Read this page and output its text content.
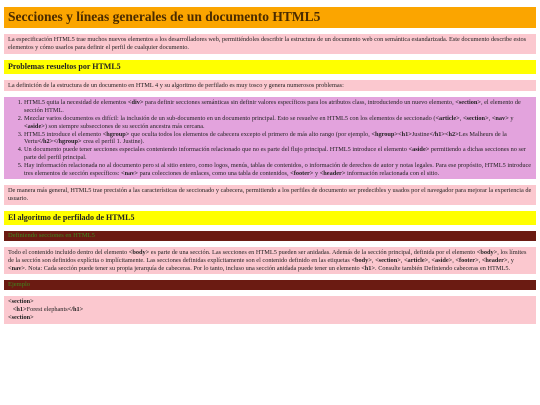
Secciones y líneas generales de un documento HTML5

La especificación HTML5 trae muchos nuevos elementos a los desarrolladores web, permitiéndoles describir la estructura de un documento web con semántica estandarizada. Este documento describe estos elementos y cómo usarlos para definir el perfil de cualquier documento.

Problemas resueltos por HTML5

La definición de la estructura de un documento en HTML 4 y su algoritmo de perfilado es muy tosco y genera numerosos problemas:

1. HTML5 quita la necesidad de elementos <div> para definir secciones semánticas sin definir valores específicos para los atributos class, introduciendo un nuevo elemento, <section>, el elemento de sección HTML.
2. Mezclar varios documentos es difícil: la inclusión de un sub-documento en un documento principal. Esto se resuelve en HTML5 con los elementos de seccionado (<article>, <section>, <nav> y <aside>) son siempre subsecciones de su sección ancestra más cercana.
3. HTML5 introduce el elemento <hgroup> que oculta todos los elementos de cabecera excepto el primero de más alto rango (por ejemplo, <hgroup><h1>Justine</h1><h2>Les Malheurs de la Vertu</h2></hgroup> crea el perfil 1. Justine).
4. Un documento puede tener secciones especiales conteniendo información relacionado que no es parte del flujo principal. HTML5 introduce el elemento <aside> permitiendo a dichas secciones no ser parte del perfil principal.
5. Hay información relacionada no al documento pero si al sitio entero, como logos, menús, tablas de contenidos, o información de derechos de autor y notas legales. Para ese propósito, HTML5 introduce tres elementos de sección específicos: <nav> para colecciones de enlaces, como una tabla de contenidos, <footer> y <header> información relacionada con el sitio.

De manera más general, HTML5 trae precisión a las características de seccionado y cabecera, permitiendo a los perfiles de documento ser predecibles y usados por el navegador para mejorar la experiencia de usuario.

El algoritmo de perfilado de HTML5
Definiendo secciones en HTML5

Todo el contenido incluido dentro del elemento <body> es parte de una sección. Las secciones en HTML5 pueden ser anidadas. Además de la sección principal, definida por el elemento <body>, los límites de la sección son definidos explícita o implícitamente. Las secciones definidas explícitamente son el contenido definido en las etiquetas <body>, <section>, <article>, <aside>, <footer>, <header>, y <nav>. Nota: Cada sección puede tener su propia jerarquía de cabeceras. Por lo tanto, incluso una sección anidada puede tener un elemento <h1>. Consulte también Definiendo cabeceras en HTML5.

Ejemplo
<section>
<h1>Forest elephants</h1>
<section>
